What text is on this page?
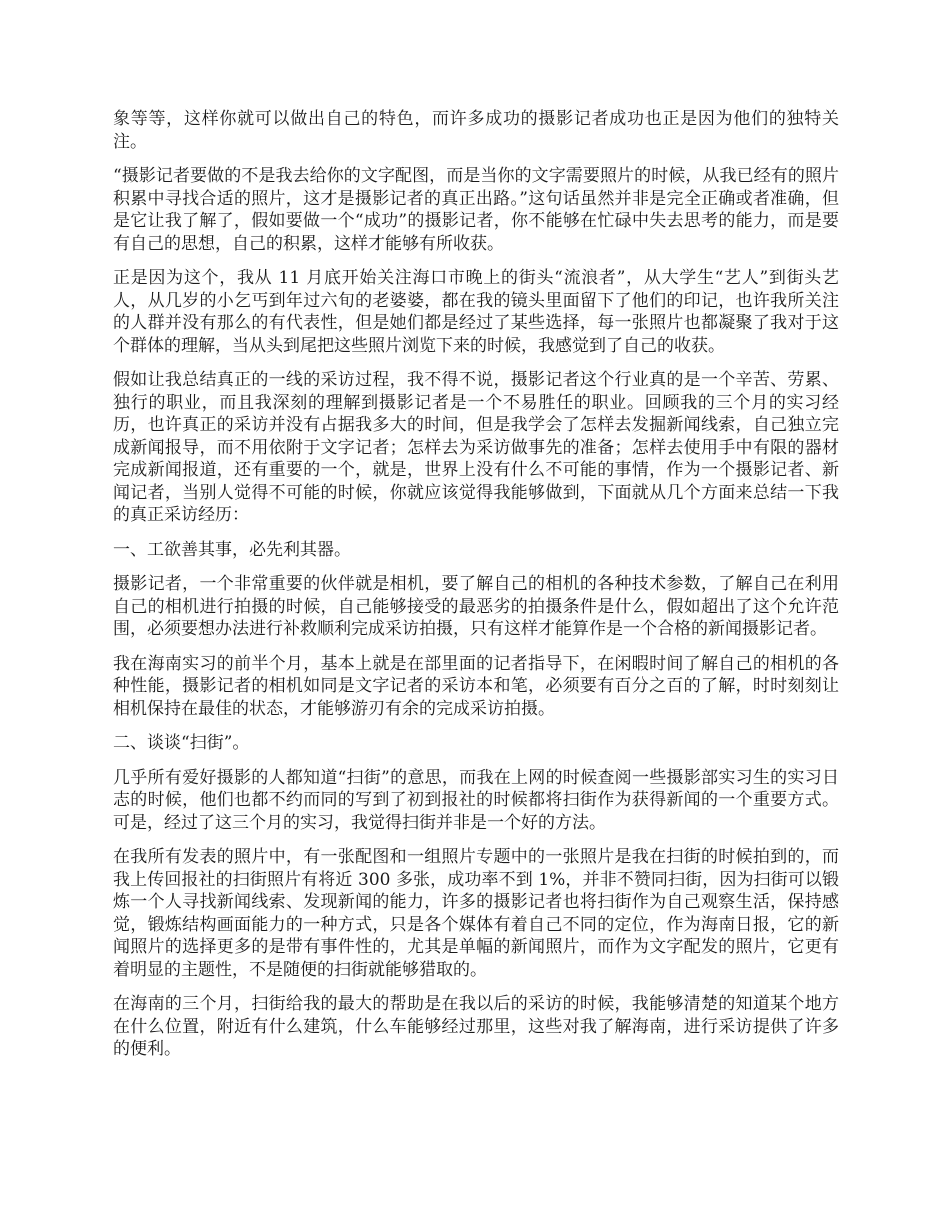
象等等，这样你就可以做出自己的特色，而许多成功的摄影记者成功也正是因为他们的独特关注。

“摄影记者要做的不是我去给你的文字配图，而是当你的文字需要照片的时候，从我已经有的照片积累中寻找合适的照片，这才是摄影记者的真正出路。”这句话虽然并非是完全正确或者准确，但是它让我了解了，假如要做一个“成功”的摄影记者，你不能够在忙碌中失去思考的能力，而是要有自己的思想，自己的积累，这样才能够有所收获。

正是因为这个，我从 11 月底开始关注海口市晚上的街头“流浪者”，从大学生“艺人”到街头艺人，从几岁的小乞丐到年过六旬的老婆婆，都在我的镜头里面留下了他们的印记，也许我所关注的人群并没有那么的有代表性，但是她们都是经过了某些选择，每一张照片也都凝聚了我对于这个群体的理解，当从头到尾把这些照片浏览下来的时候，我感觉到了自己的收获。

假如让我总结真正的一线的采访过程，我不得不说，摄影记者这个行业真的是一个辛苦、劳累、独行的职业，而且我深刻的理解到摄影记者是一个不易胜任的职业。回顾我的三个月的实习经历，也许真正的采访并没有占据我多大的时间，但是我学会了怎样去发掘新闻线索，自己独立完成新闻报导，而不用依附于文字记者；怎样去为采访做事先的准备；怎样去使用手中有限的器材完成新闻报道，还有重要的一个，就是，世界上没有什么不可能的事情，作为一个摄影记者、新闻记者，当别人觉得不可能的时候，你就应该觉得我能够做到，下面就从几个方面来总结一下我的真正采访经历：

一、工欲善其事，必先利其器。

摄影记者，一个非常重要的伙伴就是相机，要了解自己的相机的各种技术参数，了解自己在利用自己的相机进行拍摄的时候，自己能够接受的最恶劣的拍摄条件是什么，假如超出了这个允许范围，必须要想办法进行补救顺利完成采访拍摄，只有这样才能算作是一个合格的新闻摄影记者。

我在海南实习的前半个月，基本上就是在部里面的记者指导下，在闲暇时间了解自己的相机的各种性能，摄影记者的相机如同是文字记者的采访本和笔，必须要有百分之百的了解，时时刻刻让相机保持在最佳的状态，才能够游刃有余的完成采访拍摄。

二、谈谈“扫街”。

几乎所有爱好摄影的人都知道“扫街”的意思，而我在上网的时候查阅一些摄影部实习生的实习日志的时候，他们也都不约而同的写到了初到报社的时候都将扫街作为获得新闻的一个重要方式。可是，经过了这三个月的实习，我觉得扫街并非是一个好的方法。

在我所有发表的照片中，有一张配图和一组照片专题中的一张照片是我在扫街的时候拍到的，而我上传回报社的扫街照片有将近 300 多张，成功率不到 1%，并非不赞同扫街，因为扫街可以锻炼一个人寻找新闻线索、发现新闻的能力，许多的摄影记者也将扫街作为自己观察生活，保持感觉，锻炼结构画面能力的一种方式，只是各个媒体有着自己不同的定位，作为海南日报，它的新闻照片的选择更多的是带有事件性的，尤其是单幅的新闻照片，而作为文字配发的照片，它更有着明显的主题性，不是随便的扫街就能够猎取的。

在海南的三个月，扫街给我的最大的帮助是在我以后的采访的时候，我能够清楚的知道某个地方在什么位置，附近有什么建筑，什么车能够经过那里，这些对我了解海南，进行采访提供了许多的便利。
